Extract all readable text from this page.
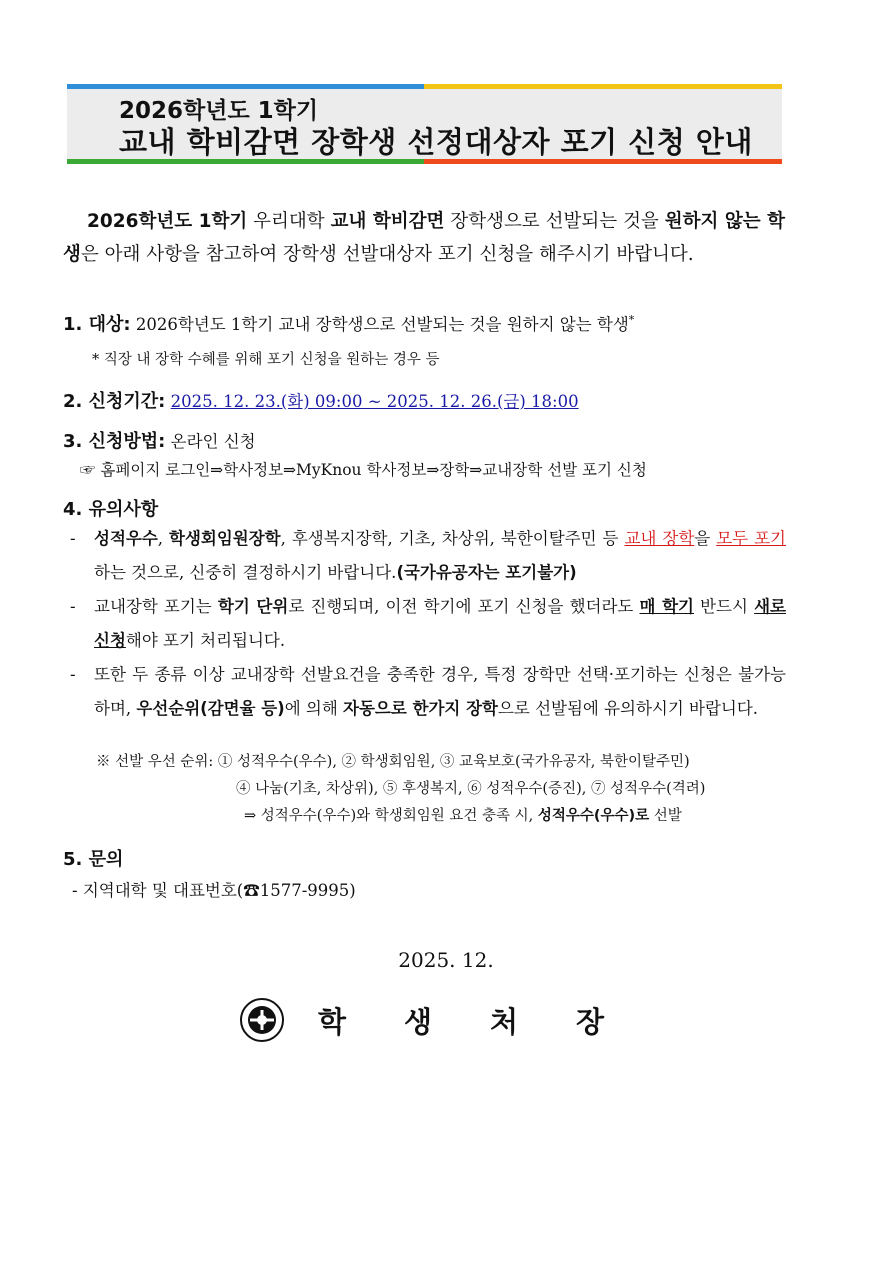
2026학년도 1학기
교내 학비감면 장학생 선정대상자 포기 신청 안내

2026학년도 1학기 우리대학 교내 학비감면 장학생으로 선발되는 것을 원하지 않는 학생은 아래 사항을 참고하여 장학생 선발대상자 포기 신청을 해주시기 바랍니다.

1. 대상: 2026학년도 1학기 교내 장학생으로 선발되는 것을 원하지 않는 학생*
* 직장 내 장학 수혜를 위해 포기 신청을 원하는 경우 등
2. 신청기간: 2025. 12. 23.(화) 09:00 ~ 2025. 12. 26.(금) 18:00
3. 신청방법: 온라인 신청
☞ 홈페이지 로그인⇒학사정보⇒MyKnou 학사정보⇒장학⇒교내장학 선발 포기 신청
4. 유의사항
-	성적우수, 학생회임원장학, 후생복지장학, 기초, 차상위, 북한이탈주민 등 교내 장학을 모두 포기하는 것으로, 신중히 결정하시기 바랍니다.(국가유공자는 포기불가)
-	교내장학 포기는 학기 단위로 진행되며, 이전 학기에 포기 신청을 했더라도 매 학기 반드시 새로 신청해야 포기 처리됩니다.
-	또한 두 종류 이상 교내장학 선발요건을 충족한 경우, 특정 장학만 선택·포기하는 신청은 불가능하며, 우선순위(감면율 등)에 의해 자동으로 한가지 장학으로 선발됨에 유의하시기 바랍니다.
※ 선발 우선 순위: ① 성적우수(우수), ② 학생회임원, ③ 교육보호(국가유공자, 북한이탈주민)
④ 나눔(기초, 차상위), ⑤ 후생복지, ⑥ 성적우수(증진), ⑦ 성적우수(격려)
⇒ 성적우수(우수)와 학생회임원 요건 충족 시, 성적우수(우수)로 선발
5. 문의
- 지역대학 및 대표번호(☎1577-9995)
2025. 12.
학생처장
